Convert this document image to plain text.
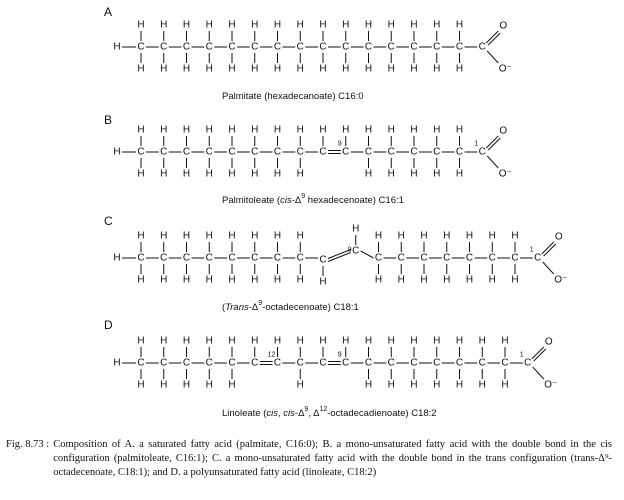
A
H C
H
H
C
H
H
C
H
H
C
H
H
C
H
H
C
H
H
C
H
H
C
H
H
C
H
H
C
H
H
C
H
H
C
H
H
C
H
H
C
H
H
C
H
H
C
O
O⁻
Palmitate (hexadecanoate) C16:0
B
H C
H
H
C
H
H
C
H
H
C
H
H
C
H
H
C
H
H
C
H
H
C
H
H
C
H
C
H
C
H
H
C
H
H
C
H
H
C
H
H
C
H
H
C
O
O⁻
9	1
Palmitoleate ($cis-\Delta^9$ hexadecenoate) C16:1
C
H C
H
H
C
H
H
C
H
H
C
H
H
C
H
H
C
H
H
C
H
H
C
H
H
C
H
C
H
C
H
H
C
H
H
C
H
H
C
H
H
C
H
H
C
H
H
C
H
H
C
O
O⁻
9	1
$(Trans-\Delta^9-octadecenoate)$ C18:1
D
H C
H
H
C
H
H
C
H
H
C
H
H
C
H
H
C
H
C
H
C
H
H
C
H
C
H
C
H
H
C
H
H
C
H
H
C
H
H
C
H
H
C
H
H
C
H
H
C
O
O⁻
12	9	1
Linoleate (cis, cis-$\Delta^9$, $\Delta^{12}-octadecadienoate$) C18:2
Fig. 8.73 : Composition of A. a saturated fatty acid (palmitate, C16:0); B. a mono-unsaturated fatty acid with the double bond in the cis configuration (palmitoleate, C16:1); C. a mono-unsaturated fatty acid with the double bond in the trans configuration (trans-Δ⁹-octadecenoate, C18:1); and D. a polyunsaturated fatty acid (linoleate, C18:2)
